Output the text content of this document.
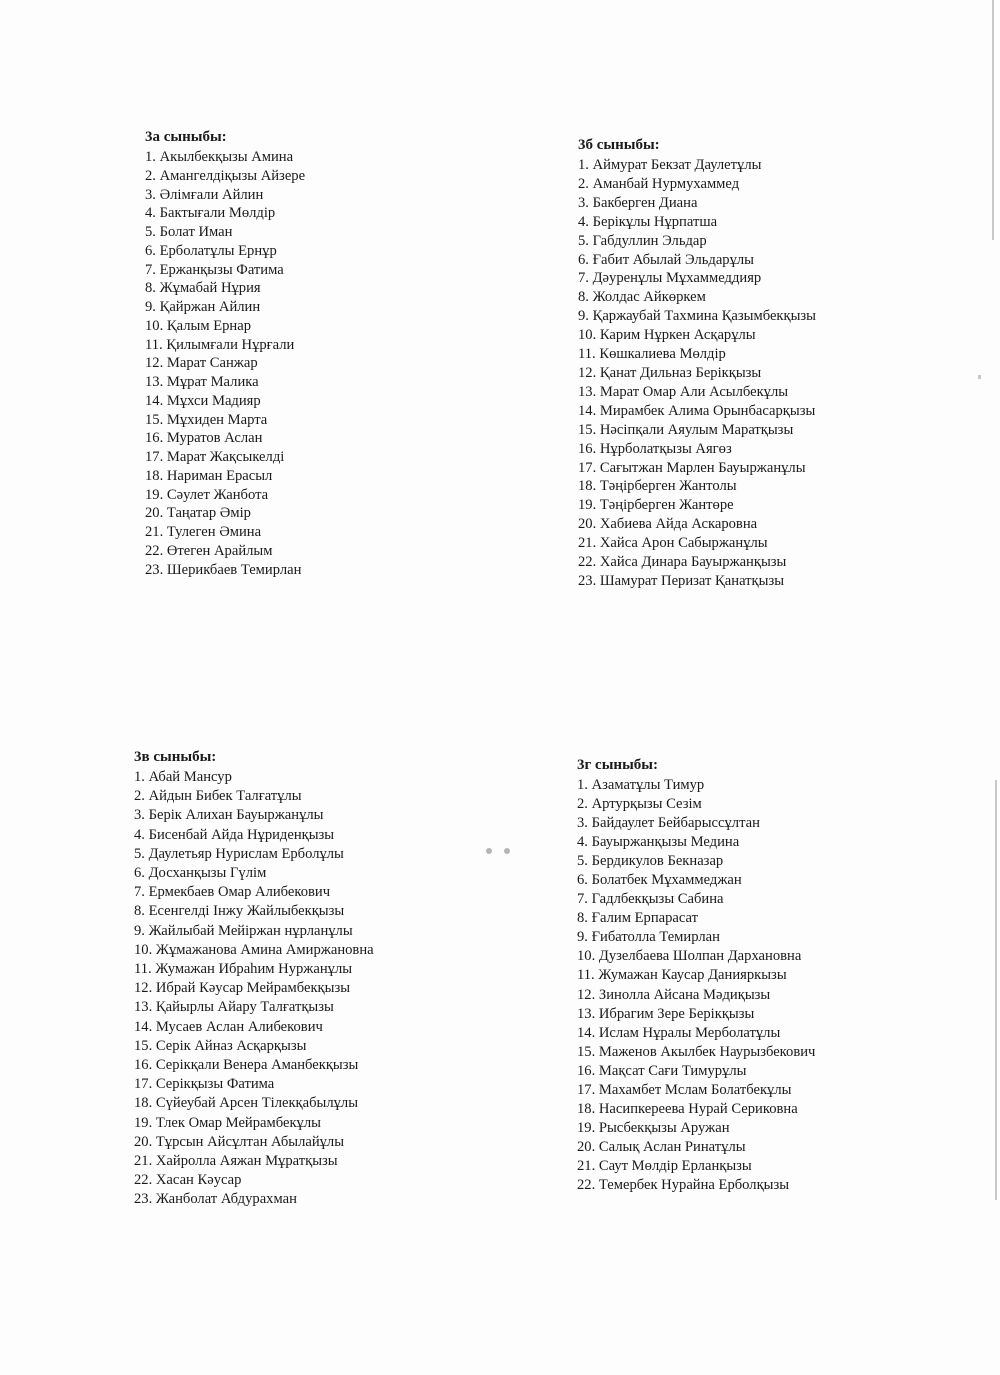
3а сыныбы:
1. Акылбекқызы Амина
2. Амангелдіқызы Айзере
3. Әлімғали Айлин
4. Бактығали Мөлдір
5. Болат Иман
6. Ерболатұлы Ернұр
7. Ержанқызы Фатима
8. Жұмабай Нұрия
9. Қайржан Айлин
10. Қалым Ернар
11. Қилымғали Нұрғали
12. Марат Санжар
13. Мұрат Малика
14. Мұхси Мадияр
15. Мұхиден Марта
16. Муратов Аслан
17. Марат Жақсыкелді
18. Нариман Ерасыл
19. Сәулет Жанбота
20. Таңатар Әмір
21. Тулеген Әмина
22. Өтеген Арайлым
23. Шерикбаев Темирлан
3б сыныбы:
1. Аймурат Бекзат Даулетұлы
2. Аманбай Нурмухаммед
3. Бакберген Диана
4. Берікұлы Нұрпатша
5. Габдуллин Эльдар
6. Ғабит Абылай Эльдарұлы
7. Дәуренұлы Мұхаммеддияр
8. Жолдас Айкөркем
9. Қаржаубай Тахмина Қазымбекқызы
10. Карим Нұркен Асқарұлы
11. Көшкалиева Мөлдір
12. Қанат Дильназ Берікқызы
13. Марат Омар Али Асылбекұлы
14. Мирамбек Алима Орынбасарқызы
15. Нәсіпқали Аяулым Маратқызы
16. Нұрболатқызы Аягөз
17. Сағытжан Марлен Бауыржанұлы
18. Тәңірберген Жантолы
19. Тәңірберген Жантөре
20. Хабиева Айда Аскаровна
21. Хайса Арон Сабыржанұлы
22. Хайса Динара Бауыржанқызы
23. Шамурат Перизат Қанатқызы
3в сыныбы:
1. Абай Мансур
2. Айдын Бибек Талғатұлы
3. Берік Алихан Бауыржанұлы
4. Бисенбай Айда Нұриденқызы
5. Даулетьяр Нурислам Ерболұлы
6. Досханқызы Гүлім
7. Ермекбаев Омар Алибекович
8. Есенгелді Інжу Жайлыбекқызы
9. Жайлыбай Мейіржан нұрланұлы
10. Жұмажанова Амина Амиржановна
11. Жумажан Ибраһим Нуржанұлы
12. Ибрай Кәусар Мейрамбекқызы
13. Қайырлы Айару Талғатқызы
14. Мусаев Аслан Алибекович
15. Серік Айназ Асқарқызы
16. Серікқали Венера Аманбекқызы
17. Серікқызы Фатима
18. Сүйеубай Арсен Тілекқабылұлы
19. Тлек Омар Мейрамбекұлы
20. Тұрсын Айсұлтан Абылайұлы
21. Хайролла Аяжан Мұратқызы
22. Хасан Кәусар
23. Жанболат Абдурахман
3г сыныбы:
1. Азаматұлы Тимур
2. Артурқызы Сезім
3. Байдаулет Бейбарыссұлтан
4. Бауыржанқызы Медина
5. Бердикулов Бекназар
6. Болатбек Мұхаммеджан
7. Гадлбекқызы Сабина
8. Ғалим Ерпарасат
9. Ғибатолла Темирлан
10. Дузелбаева Шолпан Дархановна
11. Жумажан Каусар Данияркызы
12. Зинолла Айсана Мәдиқызы
13. Ибрагим Зере Берікқызы
14. Ислам Нұралы Мерболатұлы
15. Маженов Акылбек Наурызбекович
16. Мақсат Сағи Тимурұлы
17. Махамбет Мслам Болатбекұлы
18. Насипкереева Нурай Сериковна
19. Рысбекқызы Аружан
20. Салық Аслан Ринатұлы
21. Саут Мөлдір Ерланқызы
22. Темербек Нурайна Ерболқызы
